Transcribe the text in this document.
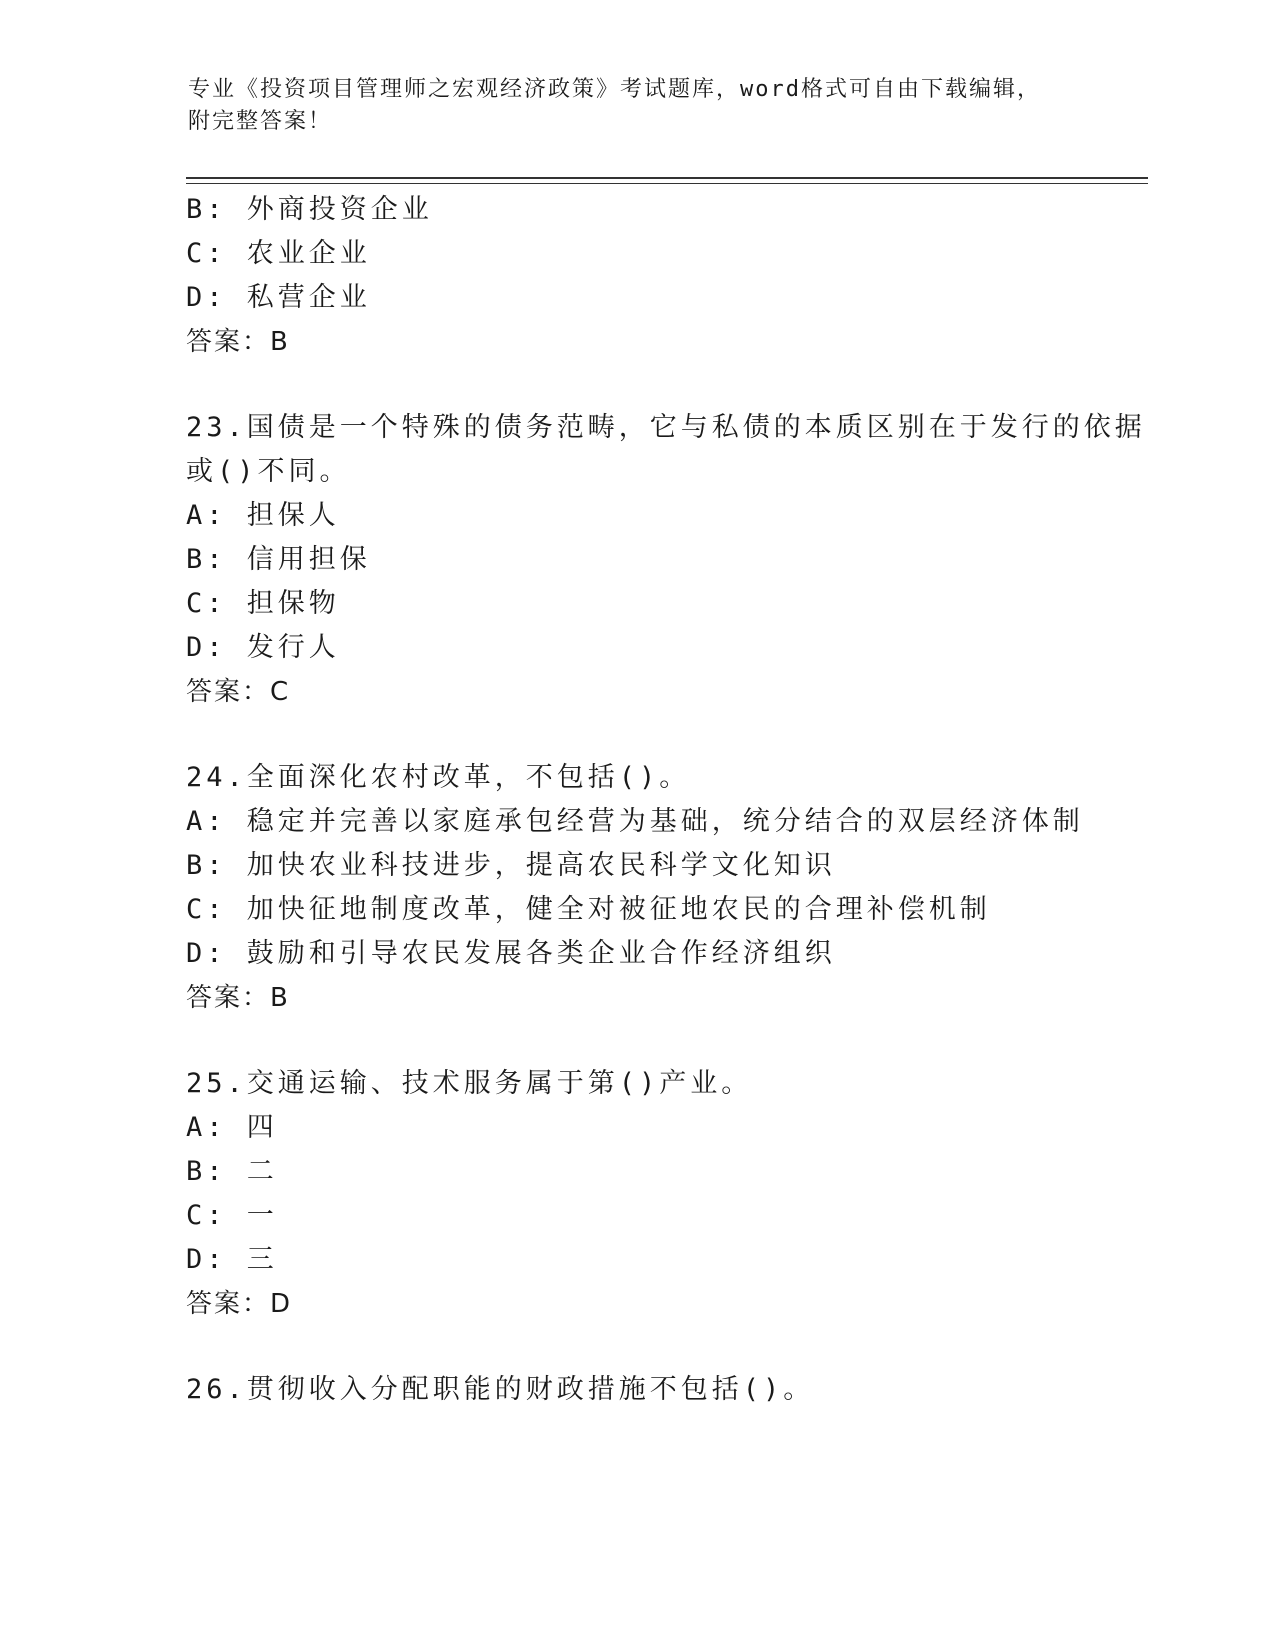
专业《投资项目管理师之宏观经济政策》考试题库，word格式可自由下载编辑，
附完整答案！
B: 外商投资企业
C: 农业企业
D: 私营企业
答案：B
23.国债是一个特殊的债务范畴，它与私债的本质区别在于发行的依据
或()不同。
A: 担保人
B: 信用担保
C: 担保物
D: 发行人
答案：C
24.全面深化农村改革，不包括()。
A: 稳定并完善以家庭承包经营为基础，统分结合的双层经济体制
B: 加快农业科技进步，提高农民科学文化知识
C: 加快征地制度改革，健全对被征地农民的合理补偿机制
D: 鼓励和引导农民发展各类企业合作经济组织
答案：B
25.交通运输、技术服务属于第()产业。
A: 四
B: 二
C: 一
D: 三
答案：D
26.贯彻收入分配职能的财政措施不包括()。
